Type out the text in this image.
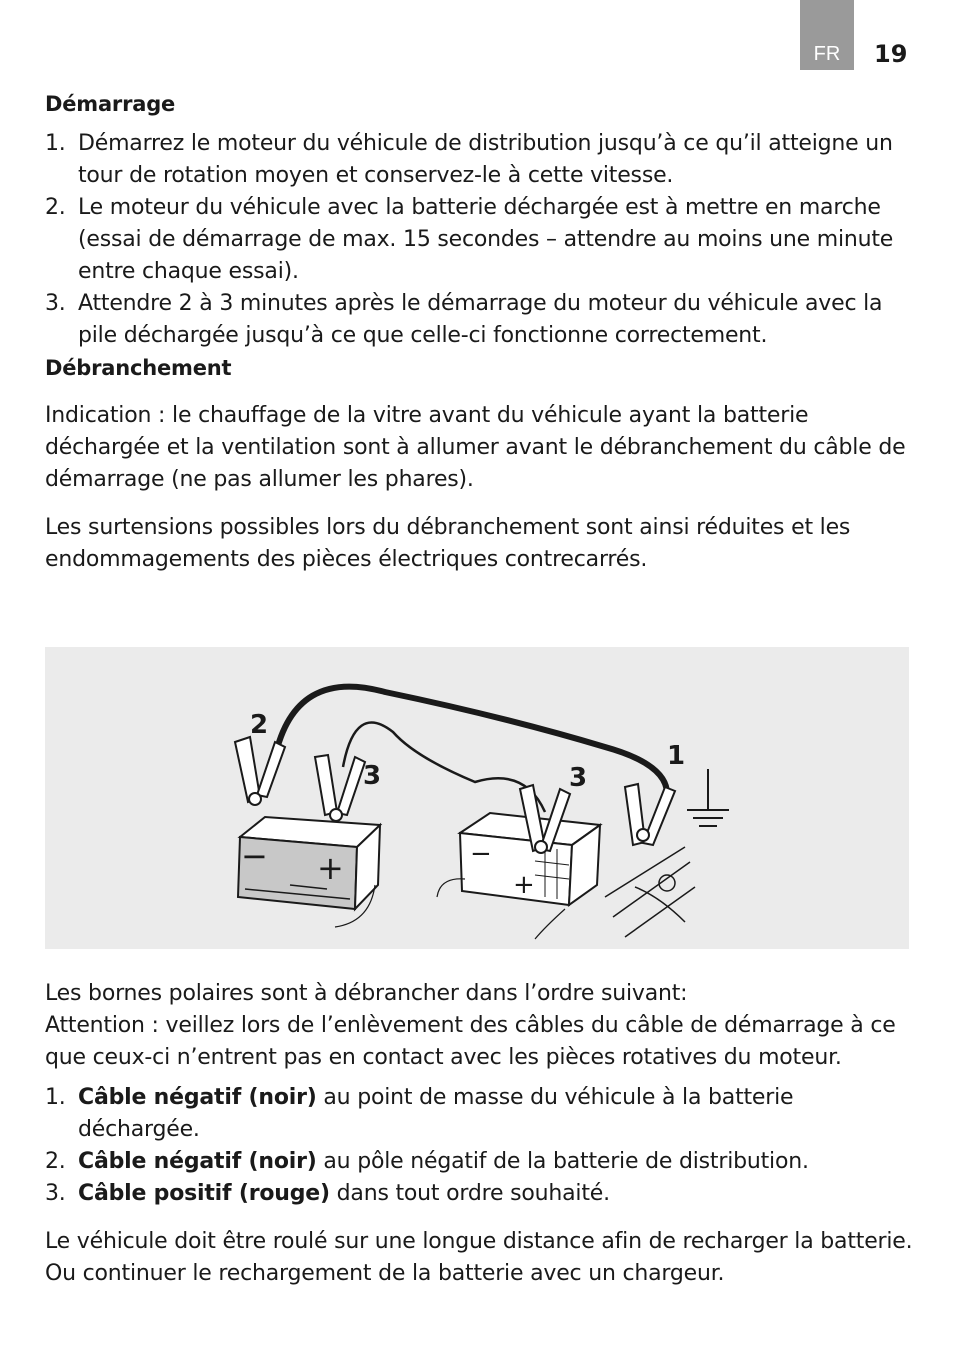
FR 19
Démarrage
1. Démarrez le moteur du véhicule de distribution jusqu’à ce qu’il atteigne un tour de rotation moyen et conservez-le à cette vitesse.
2. Le moteur du véhicule avec la batterie déchargée est à mettre en marche (essai de démarrage de max. 15 secondes – attendre au moins une minute entre chaque essai).
3. Attendre 2 à 3 minutes après le démarrage du moteur du véhicule avec la pile déchargée jusqu’à ce que celle-ci fonctionne correctement.
Débranchement

Indication : le chauffage de la vitre avant du véhicule ayant la batterie déchargée et la ventilation sont à allumer avant le débranchement du câble de démarrage (ne pas allumer les phares).

Les surtensions possibles lors du débranchement sont ainsi réduites et les endommagements des pièces électriques contrecarrés.

− +	−
+
2
3	3
1

Les bornes polaires sont à débrancher dans l’ordre suivant:

Attention : veillez lors de l’enlèvement des câbles du câble de démarrage à ce que ceux-ci n’entrent pas en contact avec les pièces rotatives du moteur.

1. Câble négatif (noir) au point de masse du véhicule à la batterie déchargée.
2. Câble négatif (noir) au pôle négatif de la batterie de distribution.
3. Câble positif (rouge) dans tout ordre souhaité.

Le véhicule doit être roulé sur une longue distance afin de recharger la batterie. Ou continuer le rechargement de la batterie avec un chargeur.
